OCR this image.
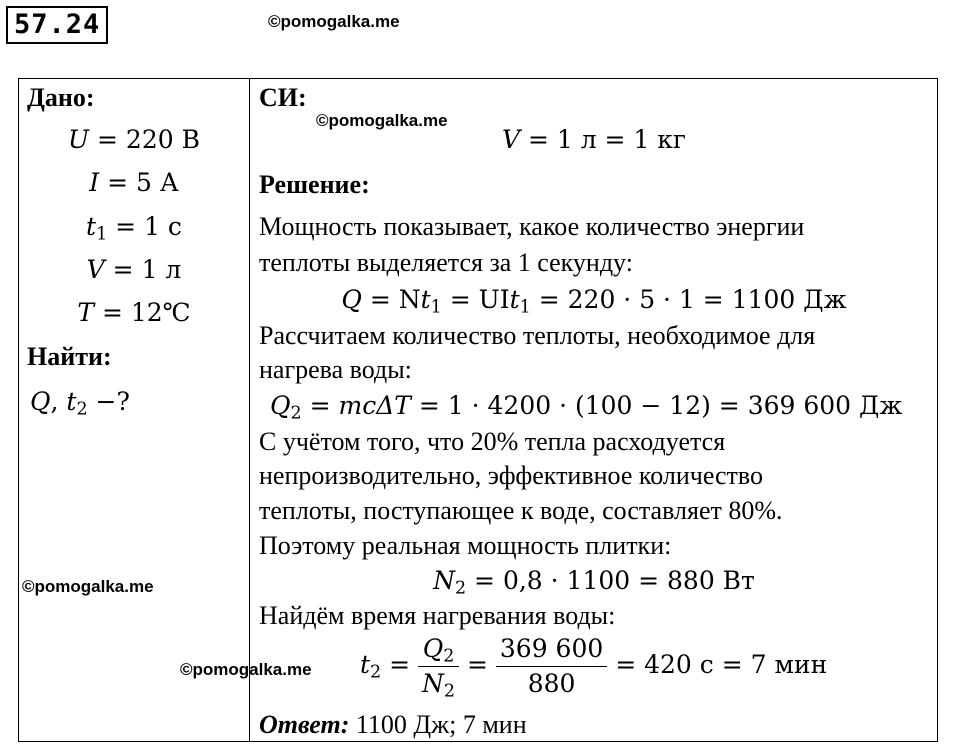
57.24	©pomogalka.me
©pomogalka.me
©pomogalka.me
©pomogalka.me
Дано:
U = 220 В
I = 5 А
$t_1 = 1$ с
V = 1 л
T = 12℃
Найти:
Q, $t_2$ −?
СИ:
V = 1 л = 1 кг
Решение:
Мощность показывает, какое количество энергии
теплоты выделяется за 1 секунду:
$Q = Nt_1 = UIt_1 = 220 \cdot 5 \cdot 1 = 1100$ Дж
Рассчитаем количество теплоты, необходимое для
нагрева воды:
$Q_2 = mc\Delta T = 1 \cdot 4200 \cdot (100 - 12) = 369$ 600 Дж
С учётом того, что 20% тепла расходуется
непроизводительно, эффективное количество
теплоты, поступающее к воде, составляет 80%.
Поэтому реальная мощность плитки:
$N_2 = 0,8 \cdot 1100 = 880$ Вт
Найдём время нагревания воды:
$t_2 = \frac{Q_2}{N_2} = \frac{369 600}{880} = 420$ с = 7 мин
Ответ: 1100 Дж; 7 мин
